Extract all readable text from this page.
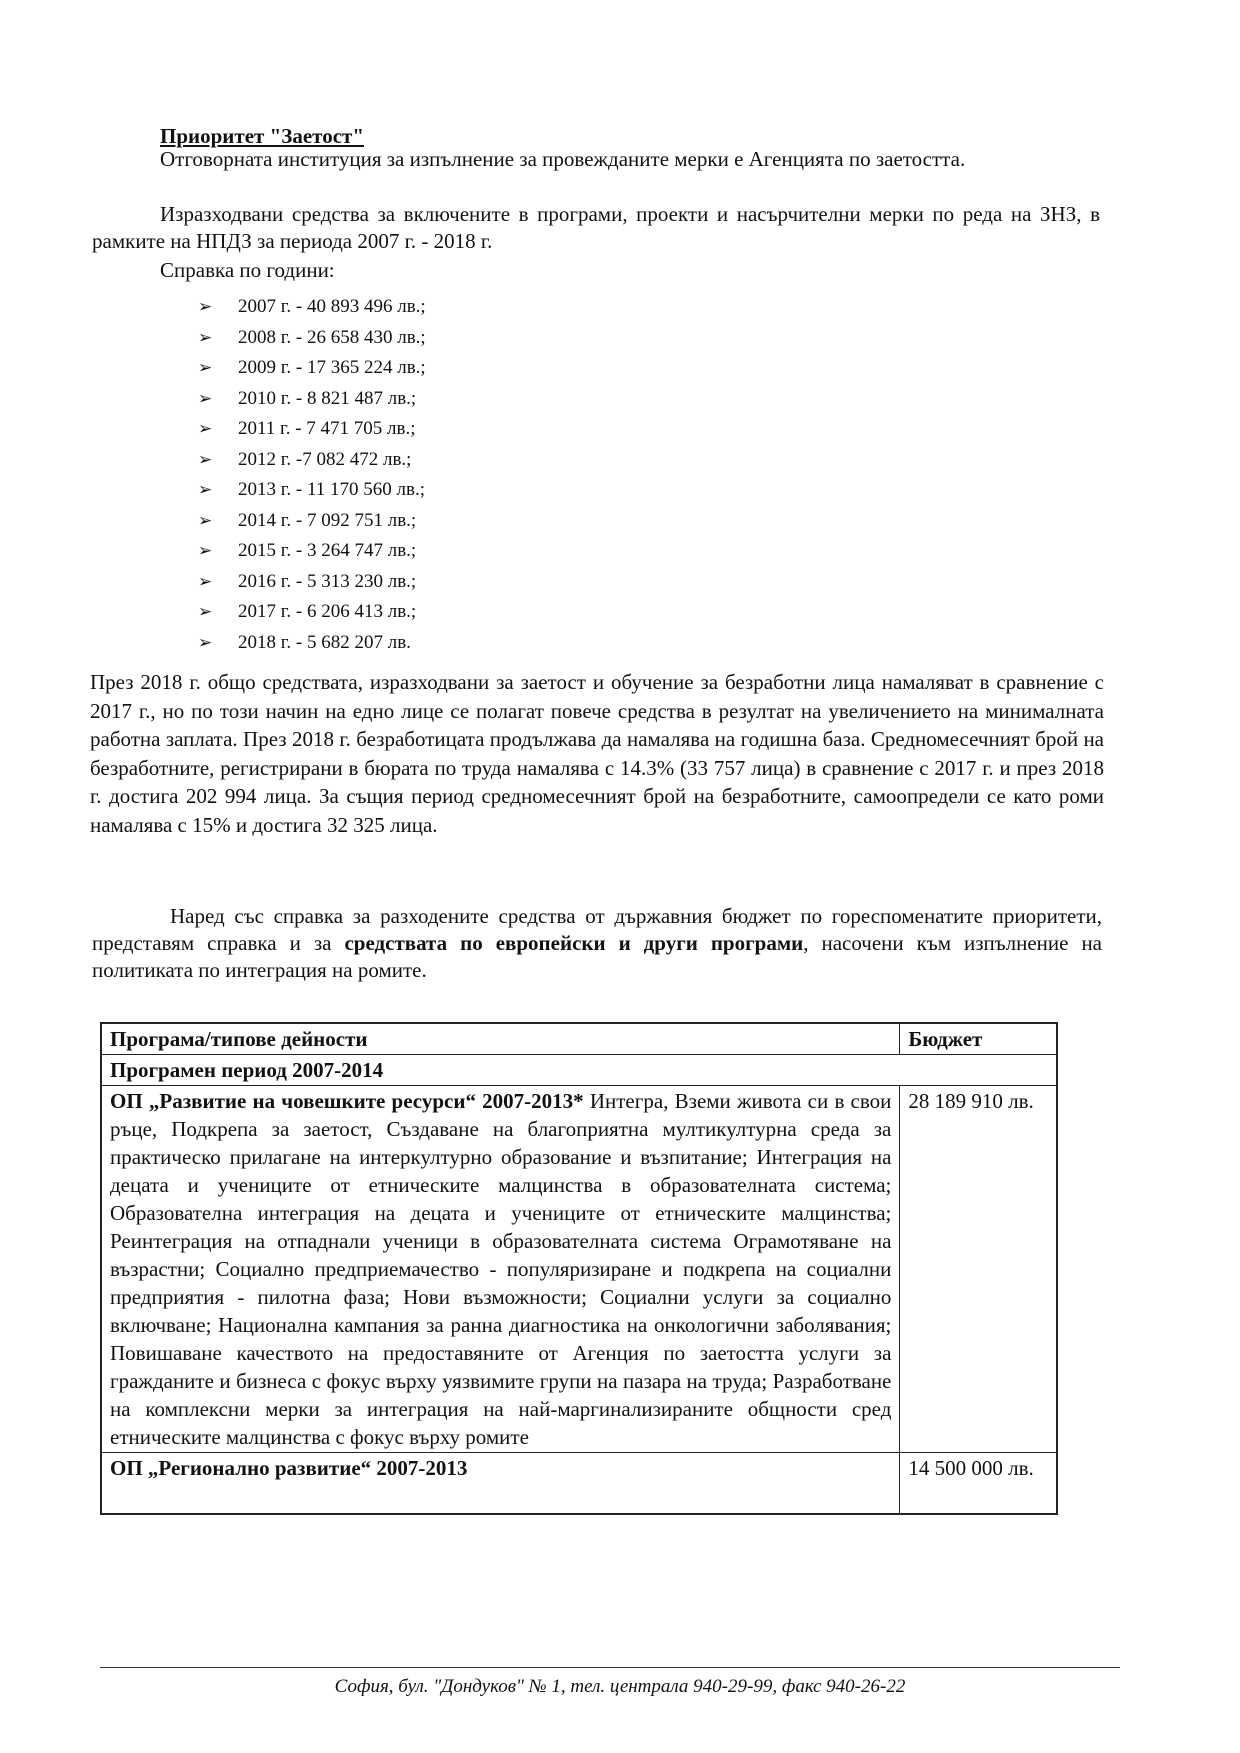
Приоритет "Заетост"
Отговорната институция за изпълнение за провежданите мерки е Агенцията по заетостта.
Изразходвани средства за включените в програми, проекти и насърчителни мерки по реда на ЗНЗ, в рамките на НПДЗ за периода 2007 г. - 2018 г.
Справка по години:
➢	2007 г. - 40 893 496 лв.;
➢	2008 г. - 26 658 430 лв.;
➢	2009 г. - 17 365 224 лв.;
➢	2010 г. - 8 821 487 лв.;
➢	2011 г. - 7 471 705 лв.;
➢	2012 г. -7 082 472 лв.;
➢	2013 г. - 11 170 560 лв.;
➢	2014 г. - 7 092 751 лв.;
➢	2015 г. - 3 264 747 лв.;
➢	2016 г. - 5 313 230 лв.;
➢	2017 г. - 6 206 413 лв.;
➢	2018 г. - 5 682 207 лв.
През 2018 г. общо средствата, изразходвани за заетост и обучение за безработни лица намаляват в сравнение с 2017 г., но по този начин на едно лице се полагат повече средства в резултат на увеличението на минималната работна заплата. През 2018 г. безработицата продължава да намалява на годишна база. Средномесечният брой на безработните, регистрирани в бюрата по труда намалява с 14.3% (33 757 лица) в сравнение с 2017 г. и през 2018 г. достига 202 994 лица. За същия период средномесечният брой на безработните, самоопредели се като роми намалява с 15% и достига 32 325 лица.
Наред със справка за разходените средства от държавния бюджет по гореспоменатите приоритети, представям справка и за средствата по европейски и други програми, насочени към изпълнение на политиката по интеграция на ромите.
Програма/типове дейности	Бюджет
Програмен период 2007-2014	
ОП „Развитие на човешките ресурси“ 2007-2013* Интегра, Вземи живота си в свои ръце, Подкрепа за заетост, Създаване на благоприятна мултикултурна среда за практическо прилагане на интеркултурно образование и възпитание; Интеграция на децата и учениците от етническите малцинства в образователната система; Образователна интеграция на децата и учениците от етническите малцинства; Реинтеграция на отпаднали ученици в образователната система Ограмотяване на възрастни; Социално предприемачество - популяризиране и подкрепа на социални предприятия - пилотна фаза; Нови възможности; Социални услуги за социално включване; Национална кампания за ранна диагностика на онкологични заболявания; Повишаване качеството на предоставяните от Агенция по заетостта услуги за гражданите и бизнеса с фокус върху уязвимите групи на пазара на труда; Разработване на комплексни мерки за интеграция на най-маргинализираните общности сред етническите малцинства с фокус върху ромите	28 189 910 лв.
ОП „Регионално развитие“ 2007-2013	14 500 000 лв.
София, бул. "Дондуков" № 1, тел. централа 940-29-99, факс 940-26-22
